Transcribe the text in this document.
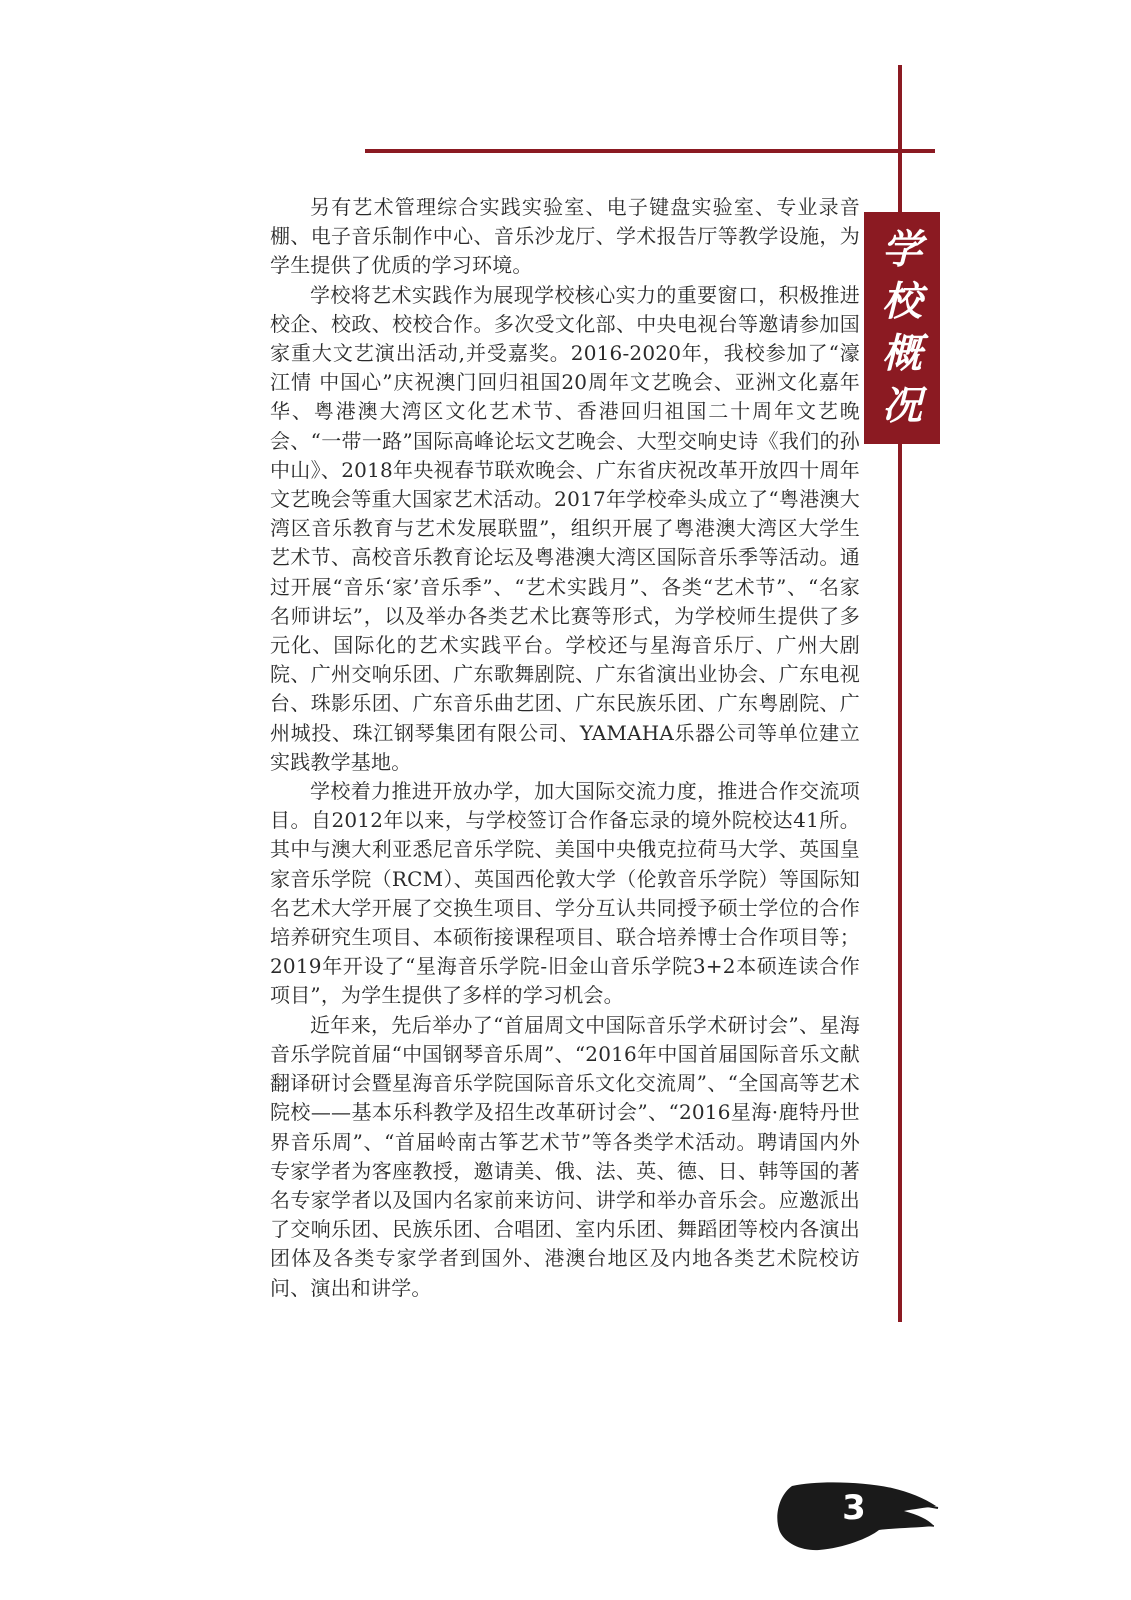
学
校
概
况

另有艺术管理综合实践实验室、电子键盘实验室、专业录音棚、电子音乐制作中心、音乐沙龙厅、学术报告厅等教学设施，为学生提供了优质的学习环境。

学校将艺术实践作为展现学校核心实力的重要窗口，积极推进校企、校政、校校合作。多次受文化部、中央电视台等邀请参加国家重大文艺演出活动,并受嘉奖。2016-2020年，我校参加了“濠江情 中国心”庆祝澳门回归祖国20周年文艺晚会、亚洲文化嘉年华、粤港澳大湾区文化艺术节、香港回归祖国二十周年文艺晚会、“一带一路”国际高峰论坛文艺晚会、大型交响史诗《我们的孙中山》、2018年央视春节联欢晚会、广东省庆祝改革开放四十周年文艺晚会等重大国家艺术活动。2017年学校牵头成立了“粤港澳大湾区音乐教育与艺术发展联盟”，组织开展了粤港澳大湾区大学生艺术节、高校音乐教育论坛及粤港澳大湾区国际音乐季等活动。通过开展“音乐‘家’音乐季”、“艺术实践月”、各类“艺术节”、“名家名师讲坛”，以及举办各类艺术比赛等形式，为学校师生提供了多元化、国际化的艺术实践平台。学校还与星海音乐厅、广州大剧院、广州交响乐团、广东歌舞剧院、广东省演出业协会、广东电视台、珠影乐团、广东音乐曲艺团、广东民族乐团、广东粤剧院、广州城投、珠江钢琴集团有限公司、YAMAHA乐器公司等单位建立实践教学基地。

学校着力推进开放办学，加大国际交流力度，推进合作交流项目。自2012年以来，与学校签订合作备忘录的境外院校达41所。其中与澳大利亚悉尼音乐学院、美国中央俄克拉荷马大学、英国皇家音乐学院（RCM）、英国西伦敦大学（伦敦音乐学院）等国际知名艺术大学开展了交换生项目、学分互认共同授予硕士学位的合作培养研究生项目、本硕衔接课程项目、联合培养博士合作项目等；2019年开设了“星海音乐学院-旧金山音乐学院3+2本硕连读合作项目”，为学生提供了多样的学习机会。

近年来，先后举办了“首届周文中国际音乐学术研讨会”、星海音乐学院首届“中国钢琴音乐周”、“2016年中国首届国际音乐文献翻译研讨会暨星海音乐学院国际音乐文化交流周”、“全国高等艺术院校——基本乐科教学及招生改革研讨会”、“2016星海·鹿特丹世界音乐周”、“首届岭南古筝艺术节”等各类学术活动。聘请国内外专家学者为客座教授，邀请美、俄、法、英、德、日、韩等国的著名专家学者以及国内名家前来访问、讲学和举办音乐会。应邀派出了交响乐团、民族乐团、合唱团、室内乐团、舞蹈团等校内各演出团体及各类专家学者到国外、港澳台地区及内地各类艺术院校访问、演出和讲学。

3
